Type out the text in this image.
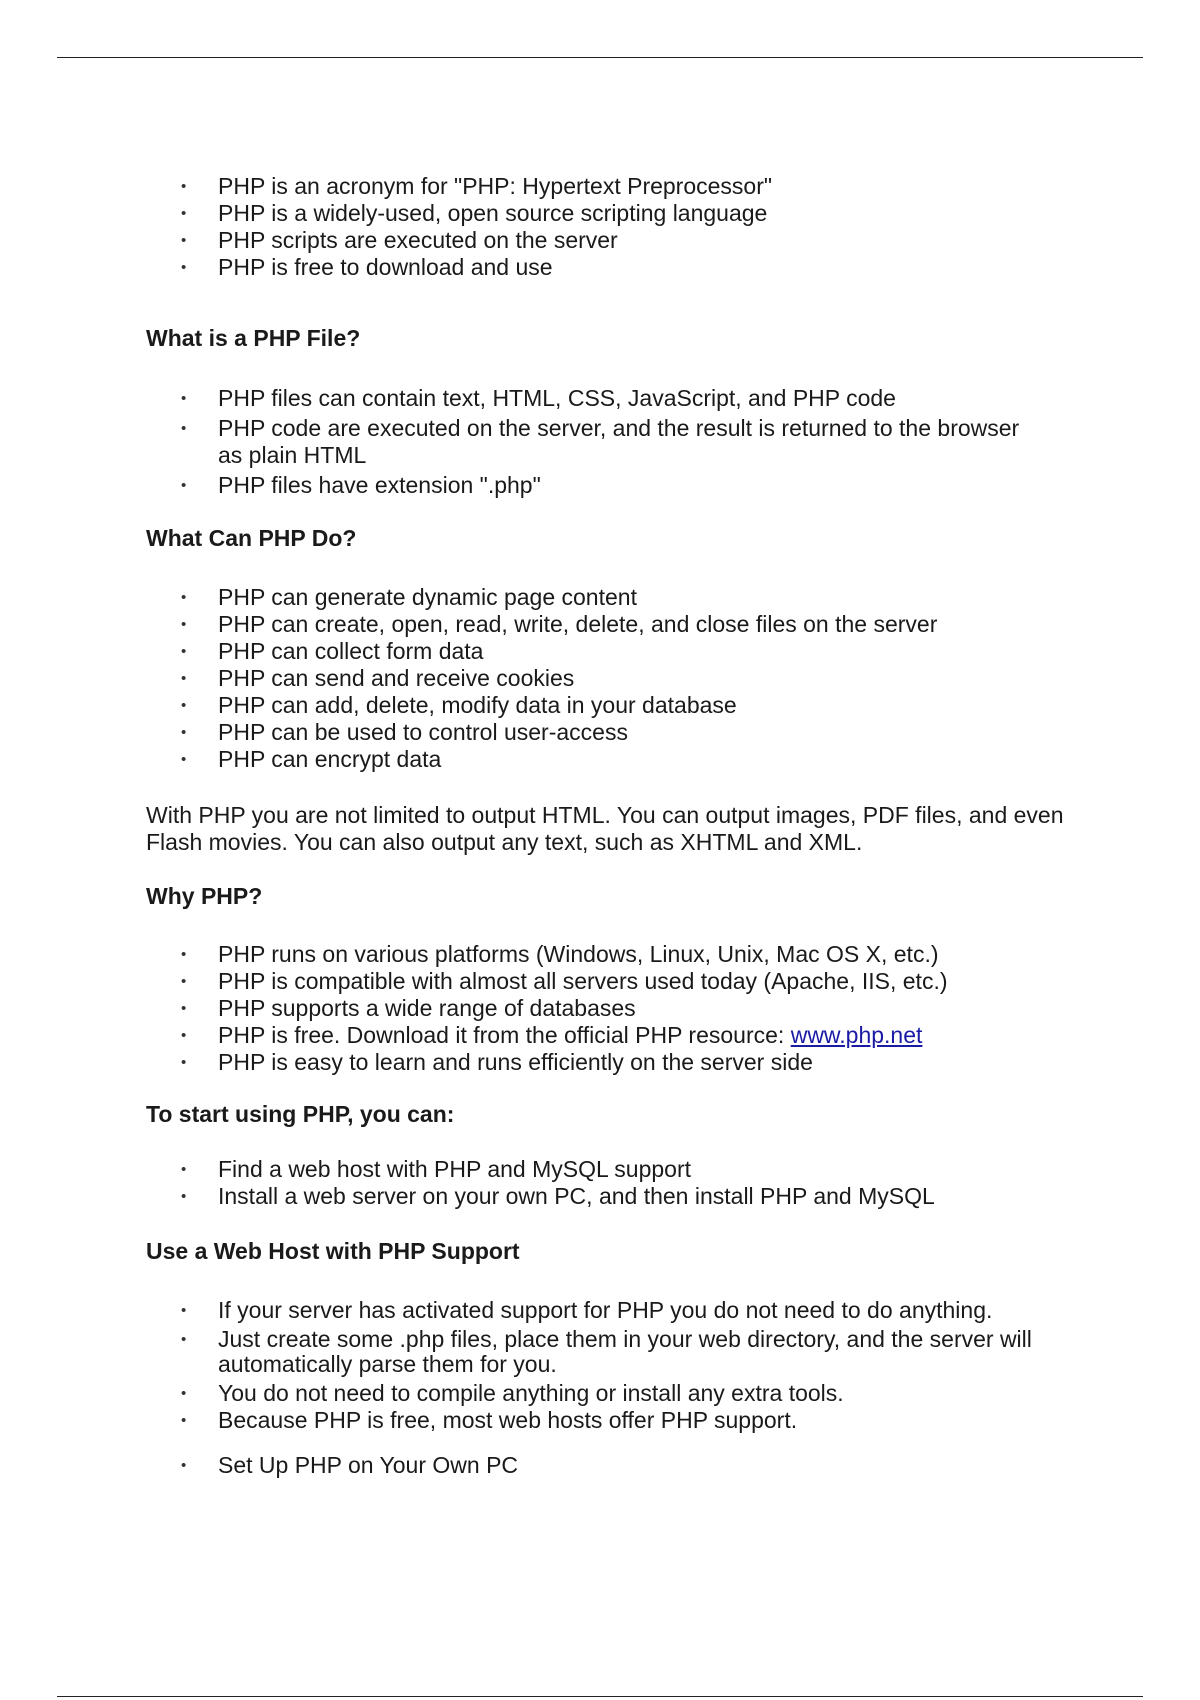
• PHP is an acronym for "PHP: Hypertext Preprocessor"
• PHP is a widely-used, open source scripting language
• PHP scripts are executed on the server
• PHP is free to download and use
What is a PHP File?
• PHP files can contain text, HTML, CSS, JavaScript, and PHP code
• PHP code are executed on the server, and the result is returned to the browser as plain HTML
• PHP files have extension ".php"
What Can PHP Do?
• PHP can generate dynamic page content
• PHP can create, open, read, write, delete, and close files on the server
• PHP can collect form data
• PHP can send and receive cookies
• PHP can add, delete, modify data in your database
• PHP can be used to control user-access
• PHP can encrypt data

With PHP you are not limited to output HTML. You can output images, PDF files, and even Flash movies. You can also output any text, such as XHTML and XML.

Why PHP?
• PHP runs on various platforms (Windows, Linux, Unix, Mac OS X, etc.)
• PHP is compatible with almost all servers used today (Apache, IIS, etc.)
• PHP supports a wide range of databases
• PHP is free. Download it from the official PHP resource: www.php.net
• PHP is easy to learn and runs efficiently on the server side
To start using PHP, you can:
• Find a web host with PHP and MySQL support
• Install a web server on your own PC, and then install PHP and MySQL
Use a Web Host with PHP Support
• If your server has activated support for PHP you do not need to do anything.
• Just create some .php files, place them in your web directory, and the server will automatically parse them for you.
• You do not need to compile anything or install any extra tools.
• Because PHP is free, most web hosts offer PHP support.
• Set Up PHP on Your Own PC
